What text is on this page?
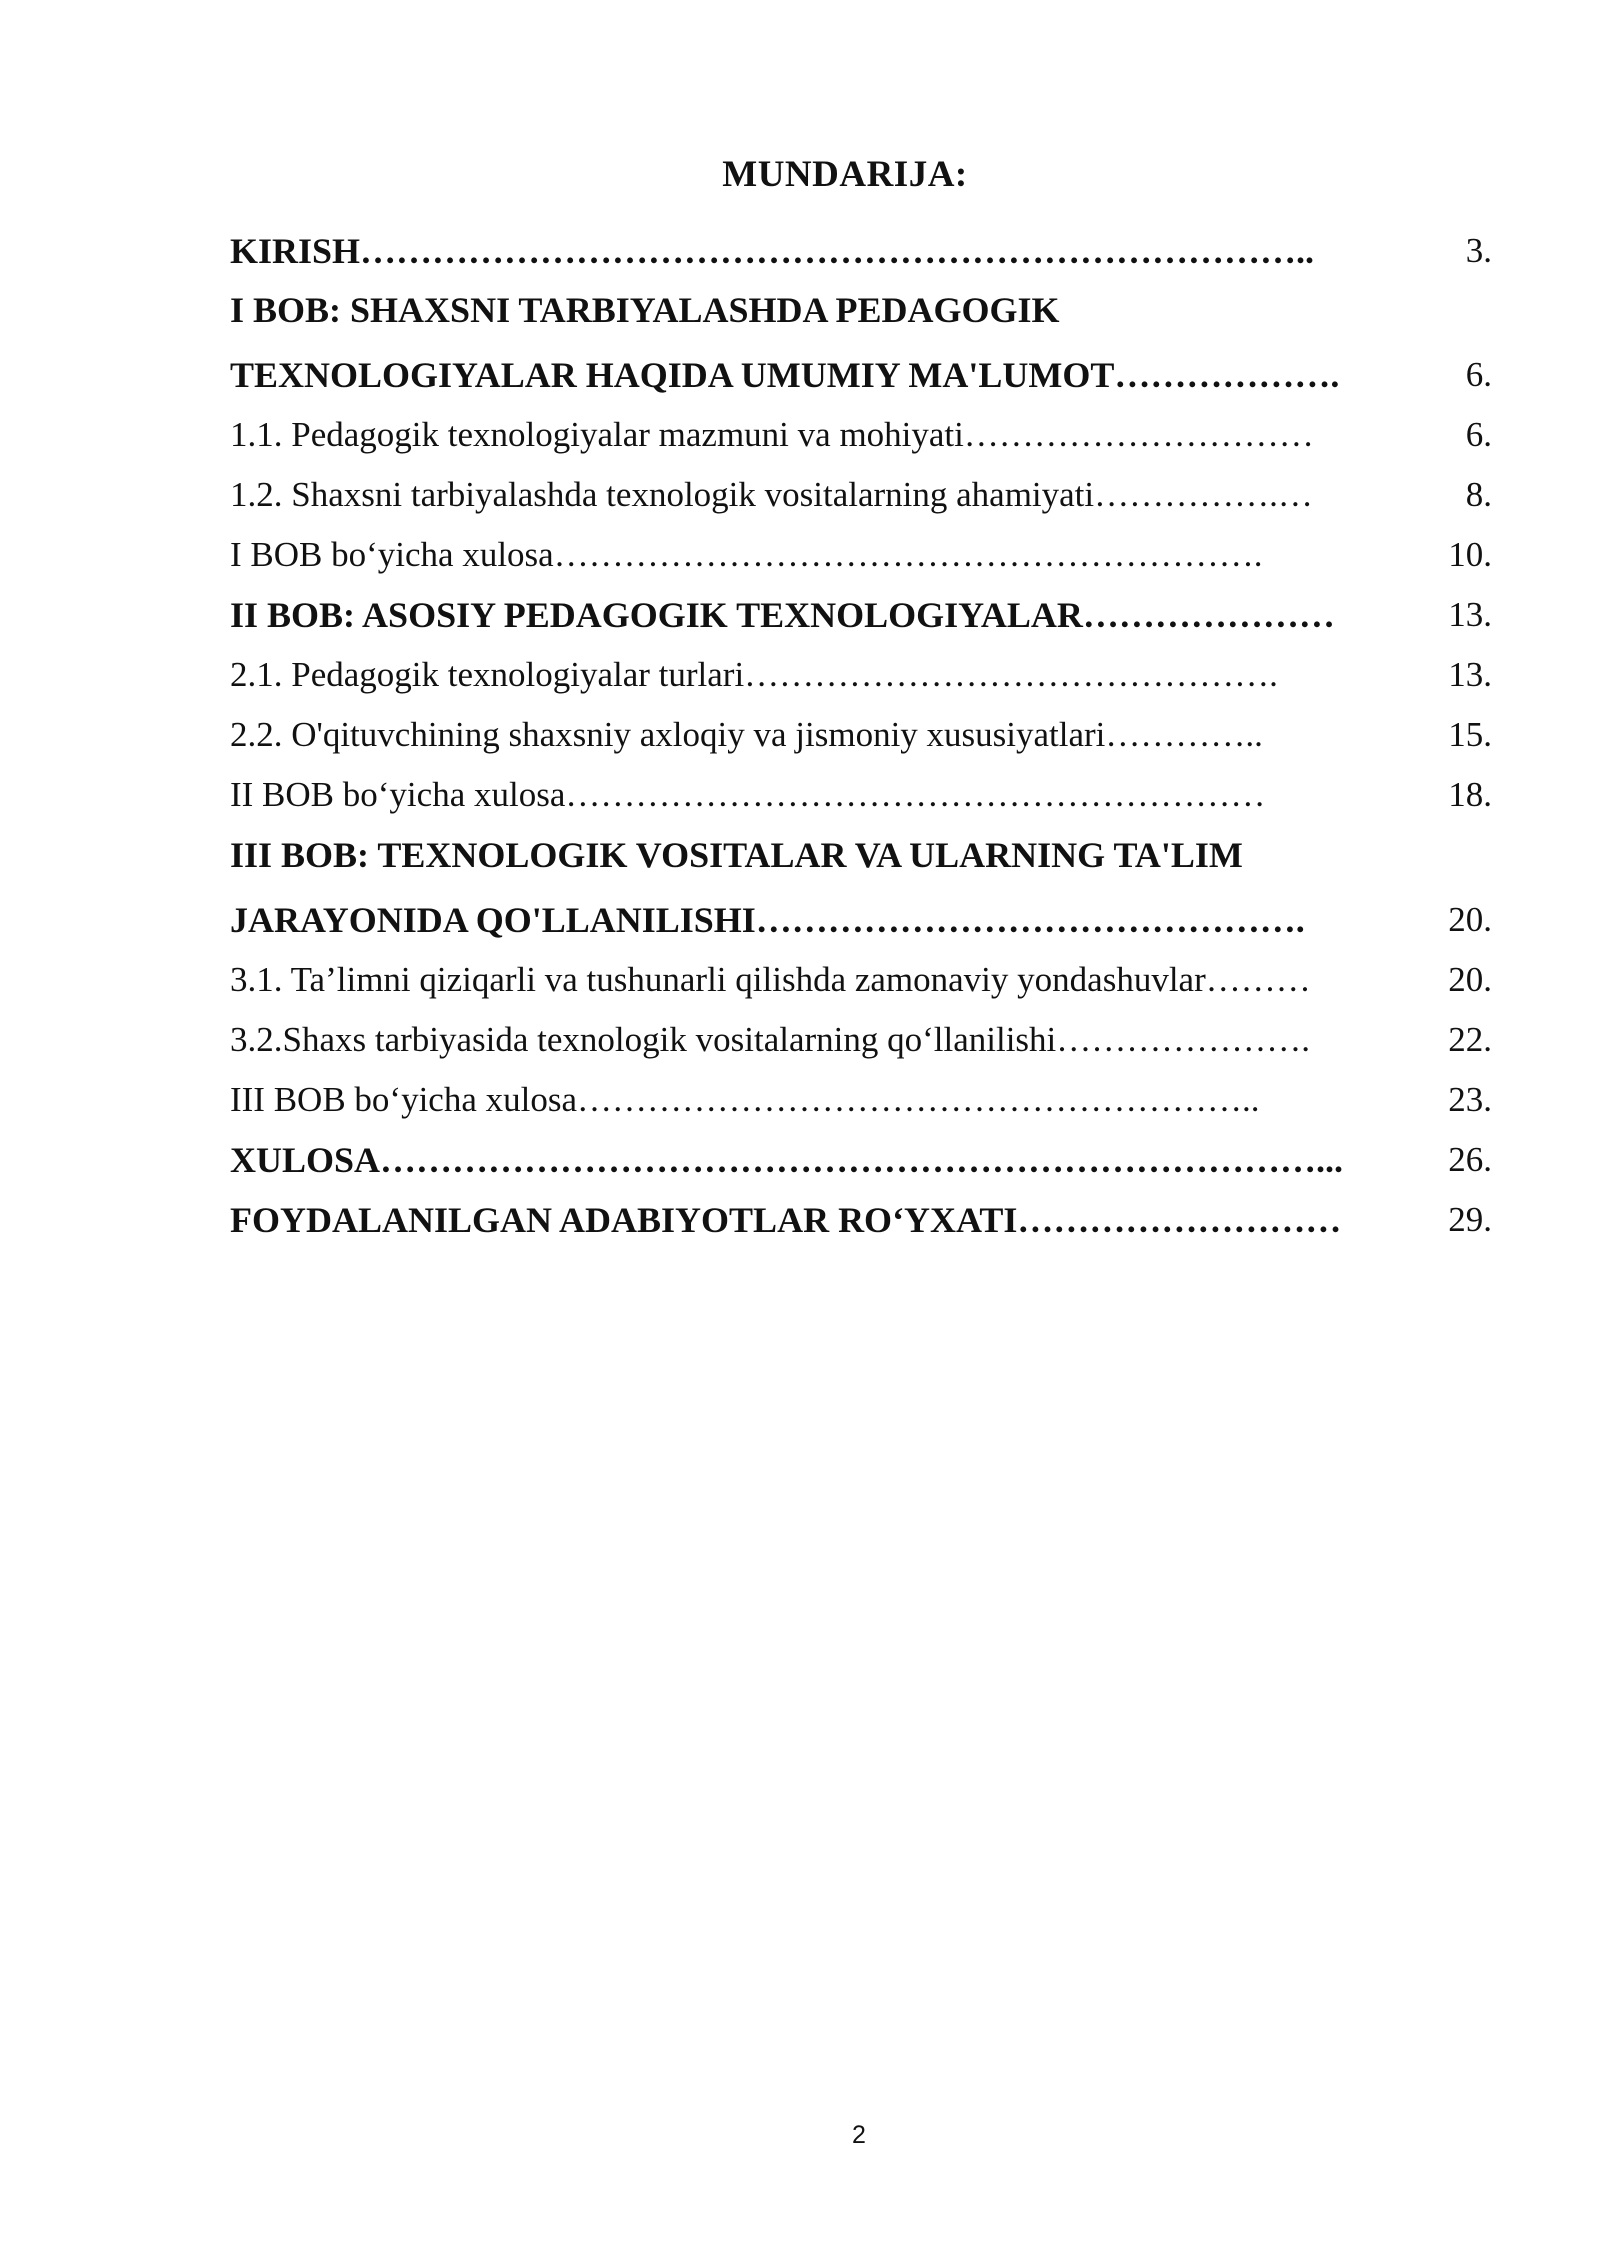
MUNDARIJA:
KIRISH……………………………………………………………………..	3.
I BOB: SHAXSNI TARBIYALASHDA PEDAGOGIK
TEXNOLOGIYALAR HAQIDA UMUMIY MA'LUMOT……………….	6.
1.1. Pedagogik texnologiyalar mazmuni va mohiyati…………………………	6.
1.2. Shaxsni tarbiyalashda texnologik vositalarning ahamiyati…………….…	8.
I BOB bo‘yicha xulosa…………………………………………………….	10.
II BOB: ASOSIY PEDAGOGIK TEXNOLOGIYALAR…………………	13.
2.1. Pedagogik texnologiyalar turlari……………………………………….	13.
2.2. O'qituvchining shaxsniy axloqiy va jismoniy xususiyatlari…………..	15.
II BOB bo‘yicha xulosa……………………………………………………	18.
III BOB: TEXNOLOGIK VOSITALAR VA ULARNING TA'LIM
JARAYONIDA QO'LLANILISHI……………………………………….	20.
3.1. Ta’limni qiziqarli va tushunarli qilishda zamonaviy yondashuvlar………	20.
3.2.Shaxs tarbiyasida texnologik vositalarning qo‘llanilishi………………….	22.
III BOB bo‘yicha xulosa…………………………………………………..	23.
XULOSA……………………………………………………………………...	26.
FOYDALANILGAN ADABIYOTLAR RO‘YXATI………………………	29.
2
